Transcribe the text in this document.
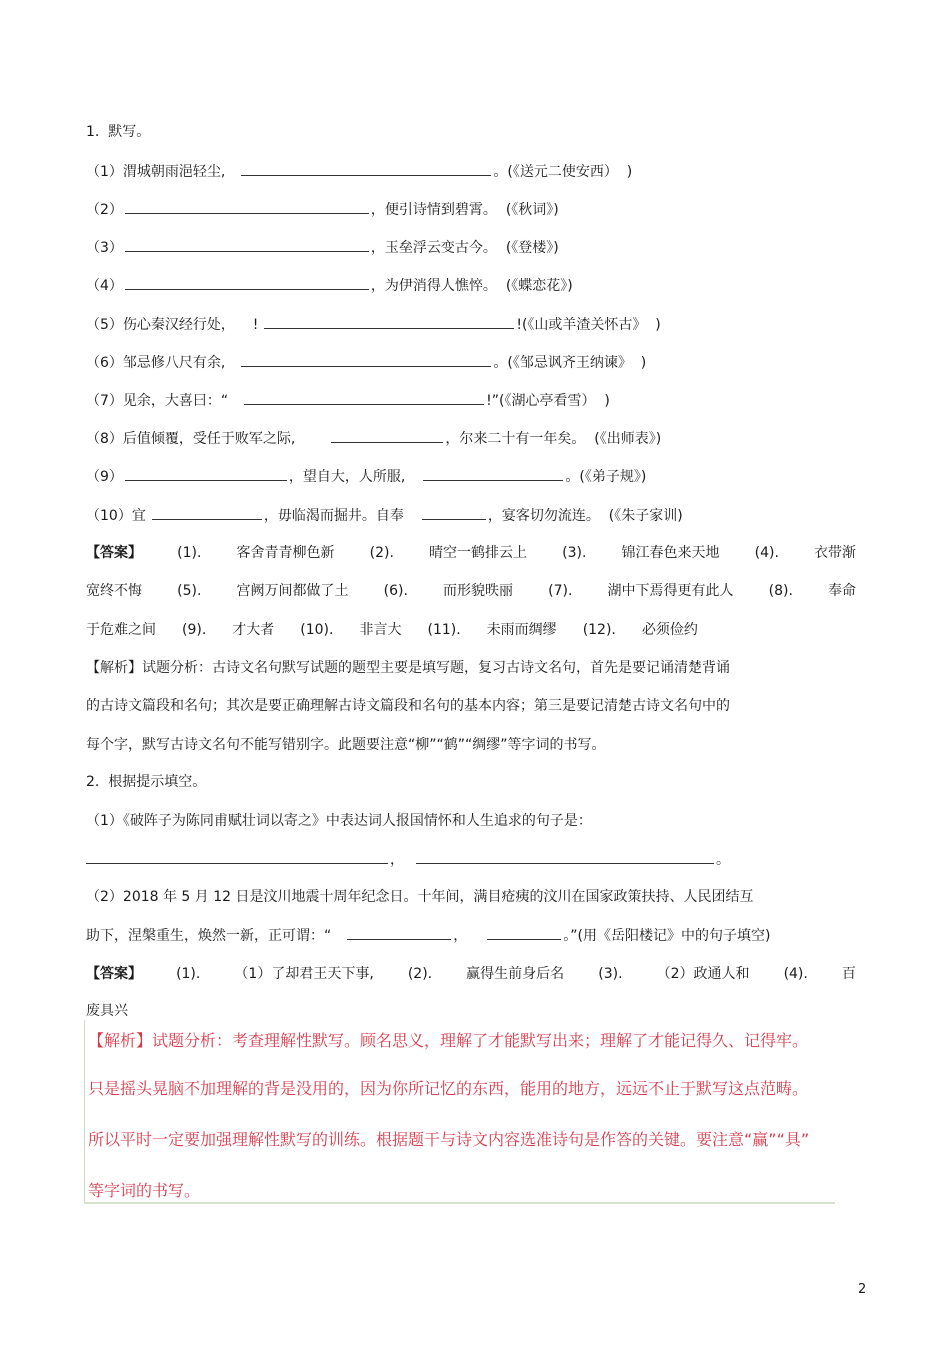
1.  默写。
（1）渭城朝雨浥轻尘,	。(《送元二使安西）  )
（2）	，便引诗情到碧霄。  (《秋词》)
（3）	，玉垒浮云变古今。  (《登楼》)
（4）	，为伊消得人憔悴。  (《蝶恋花》)
（5）伤心秦汉经行处，    !	!(《山或羊渣关怀古》  )
（6）邹忌修八尺有余,	。(《邹忌讽齐王纳谏》  )
（7）见余，大喜曰：“	!”(《湖心亭看雪）  )
（8）后值倾覆，受任于败军之际,	，尔来二十有一年矣。  (《出师表》)
（9）	，望自大，人所服,	。(《弟子规》)
（10）宜	，毋临渴而掘井。自奉	，宴客切勿流连。  (《朱子家训)
【答案】	(1).	客舍青青柳色新	(2).	晴空一鹤排云上	(3).	锦江春色来天地	(4).	衣带渐
宽终不悔	(5).	宫阙万间都做了土	(6).	而形貌昳丽	(7).	湖中下焉得更有此人	(8).	奉命
于危难之间 (9). 才大者 (10). 非言大 (11). 未雨而绸缪 (12). 必须俭约
【解析】试题分析：古诗文名句默写试题的题型主要是填写题，复习古诗文名句，首先是要记诵清楚背诵
的古诗文篇段和名句；其次是要正确理解古诗文篇段和名句的基本内容；第三是要记清楚古诗文名句中的
每个字，默写古诗文名句不能写错别字。此题要注意“柳”“鹤”“绸缪”等字词的书写。
2.  根据提示填空。
（1）《破阵子为陈同甫赋壮词以寄之》中表达词人报国情怀和人生追求的句子是：
，	。
（2）2018 年 5 月 12 日是汶川地震十周年纪念日。十年间，满目疮痍的汶川在国家政策扶持、人民团结互
助下，涅槃重生，焕然一新，正可谓：“	，	。”(用《岳阳楼记》中的句子填空)
【答案】 (1). （1）了却君王天下事, (2). 赢得生前身后名 (3). （2）政通人和 (4). 百
废具兴
【解析】试题分析：考查理解性默写。顾名思义，理解了才能默写出来；理解了才能记得久、记得牢。
只是摇头晃脑不加理解的背是没用的，因为你所记忆的东西，能用的地方，远远不止于默写这点范畴。
所以平时一定要加强理解性默写的训练。根据题干与诗文内容选准诗句是作答的关键。要注意“赢”“具”
等字词的书写。
2
